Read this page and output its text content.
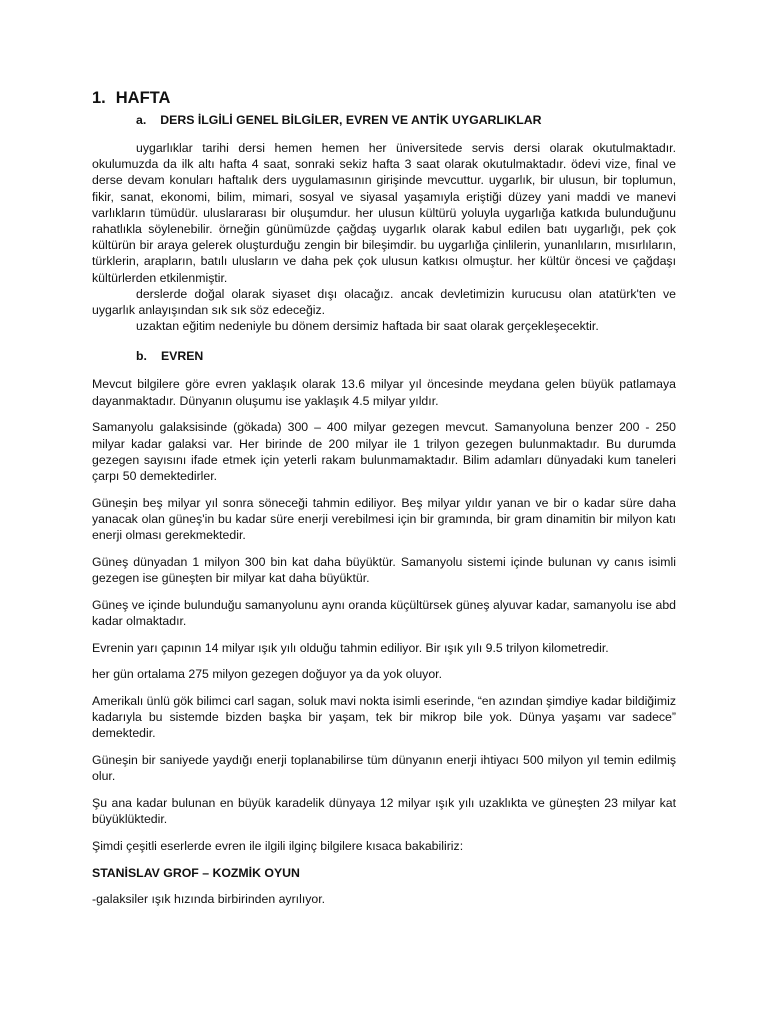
1. HAFTA
a. DERS İLGİLİ GENEL BİLGİLER, EVREN VE ANTİK UYGARLIKLAR

uygarlıklar tarihi dersi hemen hemen her üniversitede servis dersi olarak okutulmaktadır. okulumuzda da ilk altı hafta 4 saat, sonraki sekiz hafta 3 saat olarak okutulmaktadır. ödevi vize, final ve derse devam konuları haftalık ders uygulamasının girişinde mevcuttur. uygarlık, bir ulusun, bir toplumun, fikir, sanat, ekonomi, bilim, mimari, sosyal ve siyasal yaşamıyla eriştiği düzey yani maddi ve manevi varlıkların tümüdür. uluslararası bir oluşumdur. her ulusun kültürü yoluyla uygarlığa katkıda bulunduğunu rahatlıkla söylenebilir. örneğin günümüzde çağdaş uygarlık olarak kabul edilen batı uygarlığı, pek çok kültürün bir araya gelerek oluşturduğu zengin bir bileşimdir. bu uygarlığa çinlilerin, yunanlıların, mısırlıların, türklerin, arapların, batılı ulusların ve daha pek çok ulusun katkısı olmuştur. her kültür öncesi ve çağdaşı kültürlerden etkilenmiştir.

derslerde doğal olarak siyaset dışı olacağız. ancak devletimizin kurucusu olan atatürk'ten ve uygarlık anlayışından sık sık söz edeceğiz.

uzaktan eğitim nedeniyle bu dönem dersimiz haftada bir saat olarak gerçekleşecektir.

b. EVREN

Mevcut bilgilere göre evren yaklaşık olarak 13.6 milyar yıl öncesinde meydana gelen büyük patlamaya dayanmaktadır. Dünyanın oluşumu ise yaklaşık 4.5 milyar yıldır.

Samanyolu galaksisinde (gökada) 300 – 400 milyar gezegen mevcut. Samanyoluna benzer 200 - 250 milyar kadar galaksi var. Her birinde de 200 milyar ile 1 trilyon gezegen bulunmaktadır. Bu durumda gezegen sayısını ifade etmek için yeterli rakam bulunmamaktadır. Bilim adamları dünyadaki kum taneleri çarpı 50 demektedirler.

Güneşin beş milyar yıl sonra söneceği tahmin ediliyor. Beş milyar yıldır yanan ve bir o kadar süre daha yanacak olan güneş'in bu kadar süre enerji verebilmesi için bir gramında, bir gram dinamitin bir milyon katı enerji olması gerekmektedir.

Güneş dünyadan 1 milyon 300 bin kat daha büyüktür. Samanyolu sistemi içinde bulunan vy canıs isimli gezegen ise güneşten bir milyar kat daha büyüktür.

Güneş ve içinde bulunduğu samanyolunu aynı oranda küçültürsek güneş alyuvar kadar, samanyolu ise abd kadar olmaktadır.

Evrenin yarı çapının 14 milyar ışık yılı olduğu tahmin ediliyor. Bir ışık yılı 9.5 trilyon kilometredir.

her gün ortalama 275 milyon gezegen doğuyor ya da yok oluyor.

Amerikalı ünlü gök bilimci carl sagan, soluk mavi nokta isimli eserinde, “en azından şimdiye kadar bildiğimiz kadarıyla bu sistemde bizden başka bir yaşam, tek bir mikrop bile yok. Dünya yaşamı var sadece” demektedir.

Güneşin bir saniyede yaydığı enerji toplanabilirse tüm dünyanın enerji ihtiyacı 500 milyon yıl temin edilmiş olur.

Şu ana kadar bulunan en büyük karadelik dünyaya 12 milyar ışık yılı uzaklıkta ve güneşten 23 milyar kat büyüklüktedir.

Şimdi çeşitli eserlerde evren ile ilgili ilginç bilgilere kısaca bakabiliriz:

STANİSLAV GROF – KOZMİK OYUN

-galaksiler ışık hızında birbirinden ayrılıyor.
